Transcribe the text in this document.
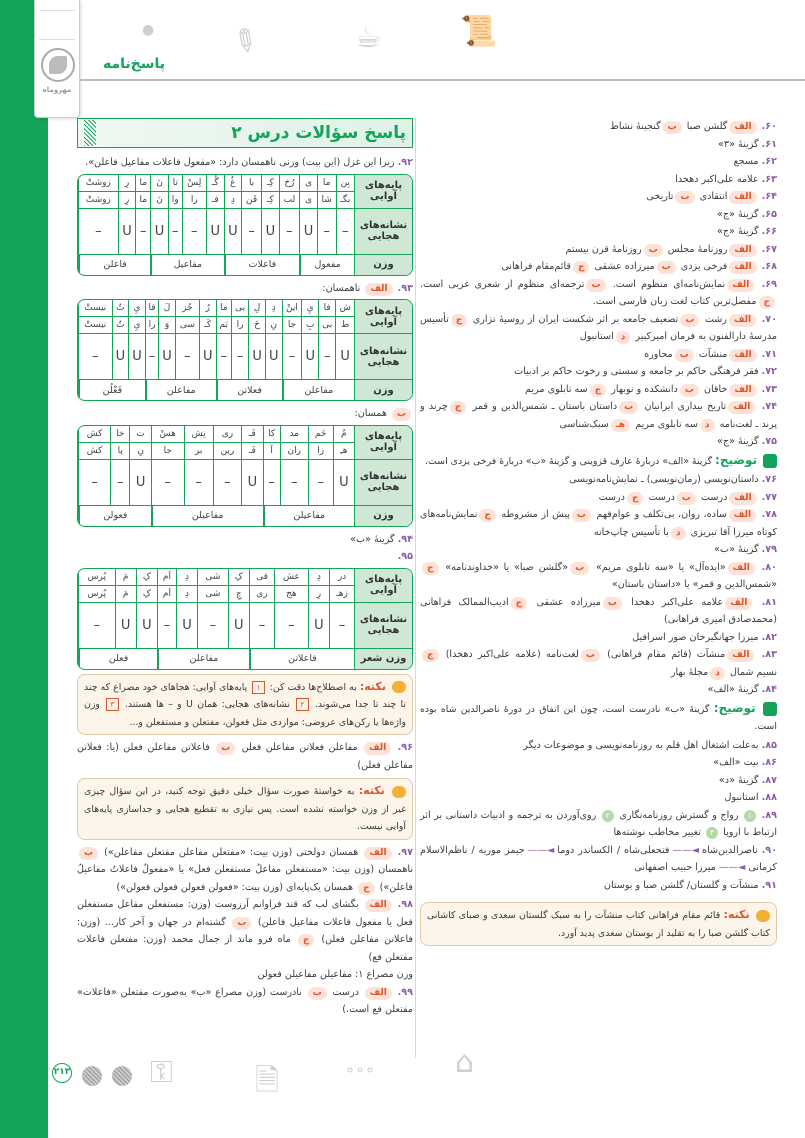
مهروماه
پاسخ‌نامه
● ✎	☕	📜
پاسخ سؤالات درس ۲
۹۲. زیرا این غزل (این بیت) وزنی ناهمسان دارد: «مفعول فاعلات مفاعیل فاعلن».
پایه‌های آوایی	بِن	ما	ی	رُخ	کِـ	با	غُ	گُـ	لِسْ	تا	نَ	ما	رِ	زوشتْ
	بگـ	شا	ی	لب	کِـ	قَن	دِ	فـ	را	وا	نَ	ما	رِ	زوشتْ
نشانه‌های هجایی	–	–	U	–	U	–	U	U	–	–	U	–	U	–
وزن	مفعول			فاعلات				مفاعیل				فاعلن		
۹۳. الف ناهمسان:
پایه‌های آوایی	ش	فا	يِ	اینْ	دِ	لِ	بی	ما	رُ	جُز	لَ	قا	يِ	تُ	نیستْ
	ط	بی	بِ	جا	نِ	خَ	را	بَم	کَـ	سی	وَ	را	يِ	تُ	نیستْ
نشانه‌های هجایی	U	–	U	–	U	U	–	–	U	–	U	–	U	U	–
وزن	مفاعلن				فعلاتن				مفاعلن				فَعْلُن		
ب همسان:
پایه‌های آوایی	مُ	خَم	مد	کا	فَـ	ری	نِش	هسْ	ت	خا	کش
	هـِ	زا	ران	آ	فَـ	رین	بر	جا	نِ	پا	کش
نشانه‌های هجایی	U	–	–	–	U	–	–	–	U	–	–
وزن	مفاعیلن				مفاعیلن				فعولن		
۹۴. گزینهٔ «ب»
۹۵.
پایه‌های آوایی	در	دِ	عش	قی	کِ	شی	دِ	اَم	کِ	مَ	پُرس
	زهـ	رِ	هج	ری	چِ	شی	دِ	اَم	کِ	مَ	پُرس
نشانه‌های هجایی	–	U	–	–	U	–	U	–	U	U	–
وزن شعر	فاعلاتن				مفاعلن				فعلن		
نکته: به اصطلاح‌ها دقت کن: ۱ پایه‌های آوایی: هجاهای خود مصراع که چند تا چند تا جدا می‌شوند. ۲ نشانه‌های هجایی: همان U و – ها هستند. ۳ وزن واژه‌ها یا رکن‌های عروضی: مواردی مثل فعولن، مفتعلن و مستفعلن و...
۹۶. الف مفاعلن فعلاتن مفاعلن فعلن ب فاعلاتن مفاعلن فعلن (یا: فعلاتن مفاعلن فعلن)
نکته: به خواستهٔ صورت سؤال خیلی دقیق توجه کنید، در این سؤال چیزی غیر از وزن خواسته نشده است. پس نیازی به تقطیع هجایی و جداسازی پایه‌های آوایی نیست.
۹۷. الف همسان دولختی (وزن بیت: «مفتعلن مفاعلن مفتعلن مفاعلن») ب ناهمسان (وزن بیت: «مستفعلن مفاعلُ مستفعلن فعل» یا «مفعولُ فاعلاتُ مفاعیلُ فاعلن») ج همسان یک‌پایه‌ای (وزن بیت: «فعولن فعولن فعولن فعولن»)
۹۸. الف بگشای لب که قند فراوانم آرزوست (وزن: مستفعلن مفاعل مستفعلن فعل یا مفعول فاعلات مفاعیل فاعلن) ب گشته‌ام در جهان و آخر کار... (وزن: فاعلاتن مفاعلن فعلن) ج ماه فرو ماند از جمال محمد (وزن: مفتعلن فاعلات مفتعلن فع)
وزن مصراع ۱: مفاعیلن مفاعیلن فعولن
۹۹. الف درست ب نادرست (وزن مصراع «ب» به‌صورت مفتعلن «فاعلات» مفتعلن فع است.)
۶۰. الفگلشن صبا بگنجینهٔ نشاط
۶۱. گزینهٔ «۳»
۶۲. مسجع
۶۳. علامه علی‌اکبر دهخدا
۶۴. الفانتقادی بتاریخی
۶۵. گزینهٔ «ج»
۶۶. گزینهٔ «ج»
۶۷. الفروزنامهٔ مجلس بروزنامهٔ قرن بیستم
۶۸. الففرخی یزدی بمیرزاده عشقی جقائم‌مقام فراهانی
۶۹. الفنمایش‌نامه‌ای منظوم است. بترجمه‌ای منظوم از شعری غربی است. جمفصل‌ترین کتاب لغت زبان فارسی است.
۷۰. الفرشت بتضعیف جامعه بر اثر شکست ایران از روسیهٔ تزاری جتأسیس مدرسهٔ دارالفنون به فرمان امیرکبیر داستانبول
۷۱. الفمنشآت بمحاوره
۷۲. فقر فرهنگی حاکم بر جامعه و سستی و رخوت حاکم بر ادبیات
۷۳. الفخاقان بدانشکده و نوبهار جسه تابلوی مریم
۷۴. الفتاریخ بیداری ایرانیان بداستان باستان ـ شمس‌الدین و قمر جچرند و پرند ـ لغت‌نامه دسه تابلوی مریم هـسبک‌شناسی
۷۵. گزینهٔ «ج»
توضیح: گزینهٔ «الف» دربارهٔ عارف قزوینی و گزینهٔ «ب» دربارهٔ فرخی یزدی است.
۷۶. داستان‌نویسی (رمان‌نویسی) ـ نمایش‌نامه‌نویسی
۷۷. الفدرست بدرست جدرست
۷۸. الفساده، روان، بی‌تکلف و عوام‌فهم بپیش از مشروطه جنمایش‌نامه‌های کوتاه میرزا آقا تبریزی دبا تأسیس چاپ‌خانه
۷۹. گزینهٔ «ب»
۸۰. الف«ایده‌آل» یا «سه تابلوی مریم» ب«گلشن صبا» یا «خداوندنامه» ج«شمس‌الدین و قمر» یا «داستان باستان»
۸۱. الفعلامه علی‌اکبر دهخدا بمیرزاده عشقی جادیب‌الممالک فراهانی (محمدصادق امیری فراهانی)
۸۲. میرزا جهانگیرخان صور اسرافیل
۸۳. الفمنشآت (قائم مقام فراهانی) بلغت‌نامه (علامه علی‌اکبر دهخدا) جنسیم شمال دمجلهٔ بهار
۸۴. گزینهٔ «الف»
توضیح: گزینهٔ «ب» نادرست است، چون این اتفاق در دورهٔ ناصرالدین شاه بوده است.
۸۵. به‌علت اشتغال اهل قلم به روزنامه‌نویسی و موضوعات دیگر
۸۶. بیت «الف»
۸۷. گزینهٔ «د»
۸۸. استانبول
۸۹. ۱ رواج و گسترش روزنامه‌نگاری ۲ روی‌آوردن به ترجمه و ادبیات داستانی بر اثر ارتباط با اروپا ۳ تغییر مخاطب نوشته‌ها
۹۰. ناصرالدین‌شاه◄——فتحعلی‌شاه / الکساندر دوما◄——جیمز موریه / ناظم‌الاسلام کرمانی◄——میرزا حبیب اصفهانی
۹۱. منشآت و گلستان/ گلشن صبا و بوستان
نکته: قائم مقام فراهانی کتاب منشآت را به سبک گلستان سعدی و صبای کاشانی کتاب گلشن صبا را به تقلید از بوستان سعدی پدید آورد.
۲۱۳	⚿	🗎	∘∘∘	⌂
